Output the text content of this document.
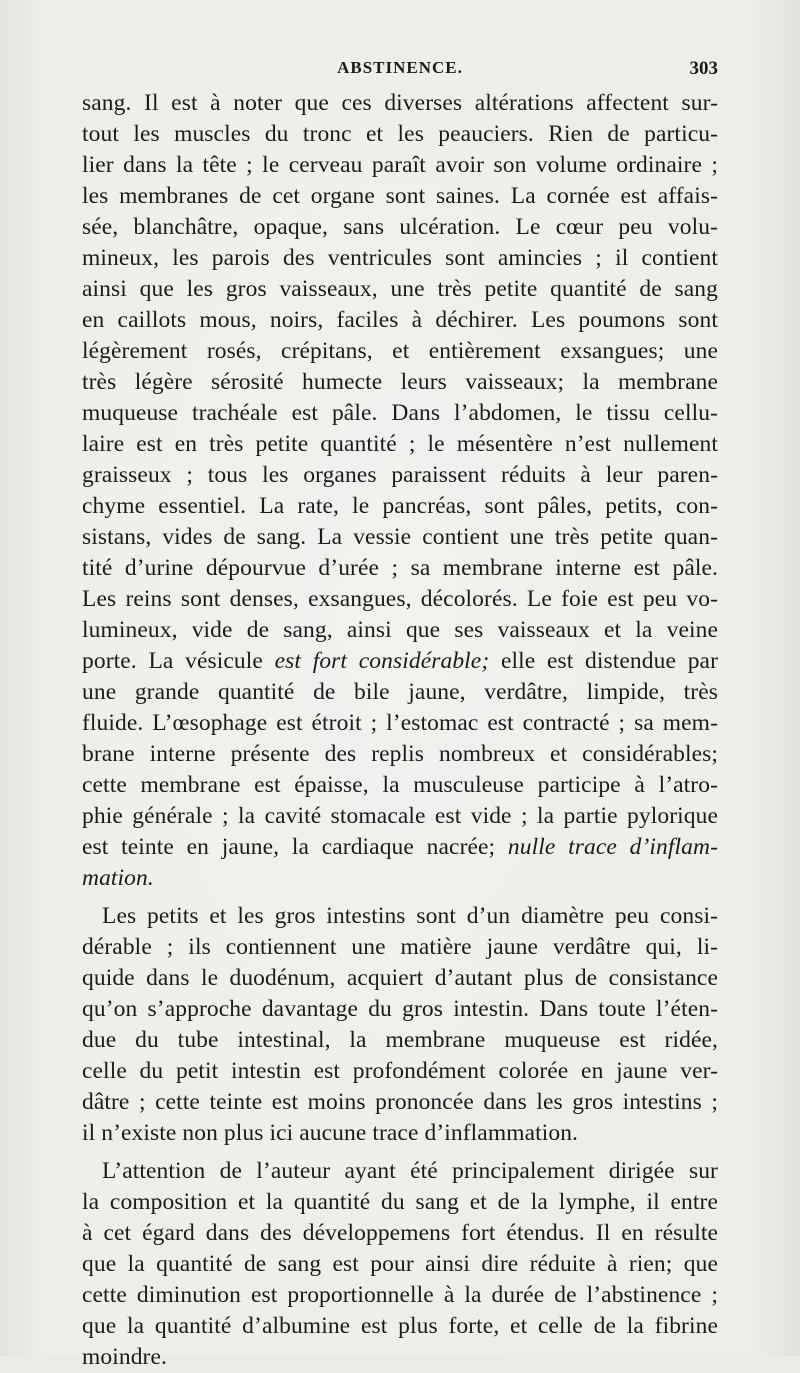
ABSTINENCE.	303
sang. Il est à noter que ces diverses altérations affectent sur-
tout les muscles du tronc et les peauciers. Rien de particu-
lier dans la tête ; le cerveau paraît avoir son volume ordinaire ;
les membranes de cet organe sont saines. La cornée est affais-
sée, blanchâtre, opaque, sans ulcération. Le cœur peu volu-
mineux, les parois des ventricules sont amincies ; il contient
ainsi que les gros vaisseaux, une très petite quantité de sang
en caillots mous, noirs, faciles à déchirer. Les poumons sont
légèrement rosés, crépitans, et entièrement exsangues; une
très légère sérosité humecte leurs vaisseaux; la membrane
muqueuse trachéale est pâle. Dans l’abdomen, le tissu cellu-
laire est en très petite quantité ; le mésentère n’est nullement
graisseux ; tous les organes paraissent réduits à leur paren-
chyme essentiel. La rate, le pancréas, sont pâles, petits, con-
sistans, vides de sang. La vessie contient une très petite quan-
tité d’urine dépourvue d’urée ; sa membrane interne est pâle.
Les reins sont denses, exsangues, décolorés. Le foie est peu vo-
lumineux, vide de sang, ainsi que ses vaisseaux et la veine
porte. La vésicule est fort considérable; elle est distendue par
une grande quantité de bile jaune, verdâtre, limpide, très
fluide. L’œsophage est étroit ; l’estomac est contracté ; sa mem-
brane interne présente des replis nombreux et considérables;
cette membrane est épaisse, la musculeuse participe à l’atro-
phie générale ; la cavité stomacale est vide ; la partie pylorique
est teinte en jaune, la cardiaque nacrée; nulle trace d’inflam-
mation.
Les petits et les gros intestins sont d’un diamètre peu consi-
dérable ; ils contiennent une matière jaune verdâtre qui, li-
quide dans le duodénum, acquiert d’autant plus de consistance
qu’on s’approche davantage du gros intestin. Dans toute l’éten-
due du tube intestinal, la membrane muqueuse est ridée,
celle du petit intestin est profondément colorée en jaune ver-
dâtre ; cette teinte est moins prononcée dans les gros intestins ;
il n’existe non plus ici aucune trace d’inflammation.
L’attention de l’auteur ayant été principalement dirigée sur
la composition et la quantité du sang et de la lymphe, il entre
à cet égard dans des développemens fort étendus. Il en résulte
que la quantité de sang est pour ainsi dire réduite à rien; que
cette diminution est proportionnelle à la durée de l’abstinence ;
que la quantité d’albumine est plus forte, et celle de la fibrine
moindre.
